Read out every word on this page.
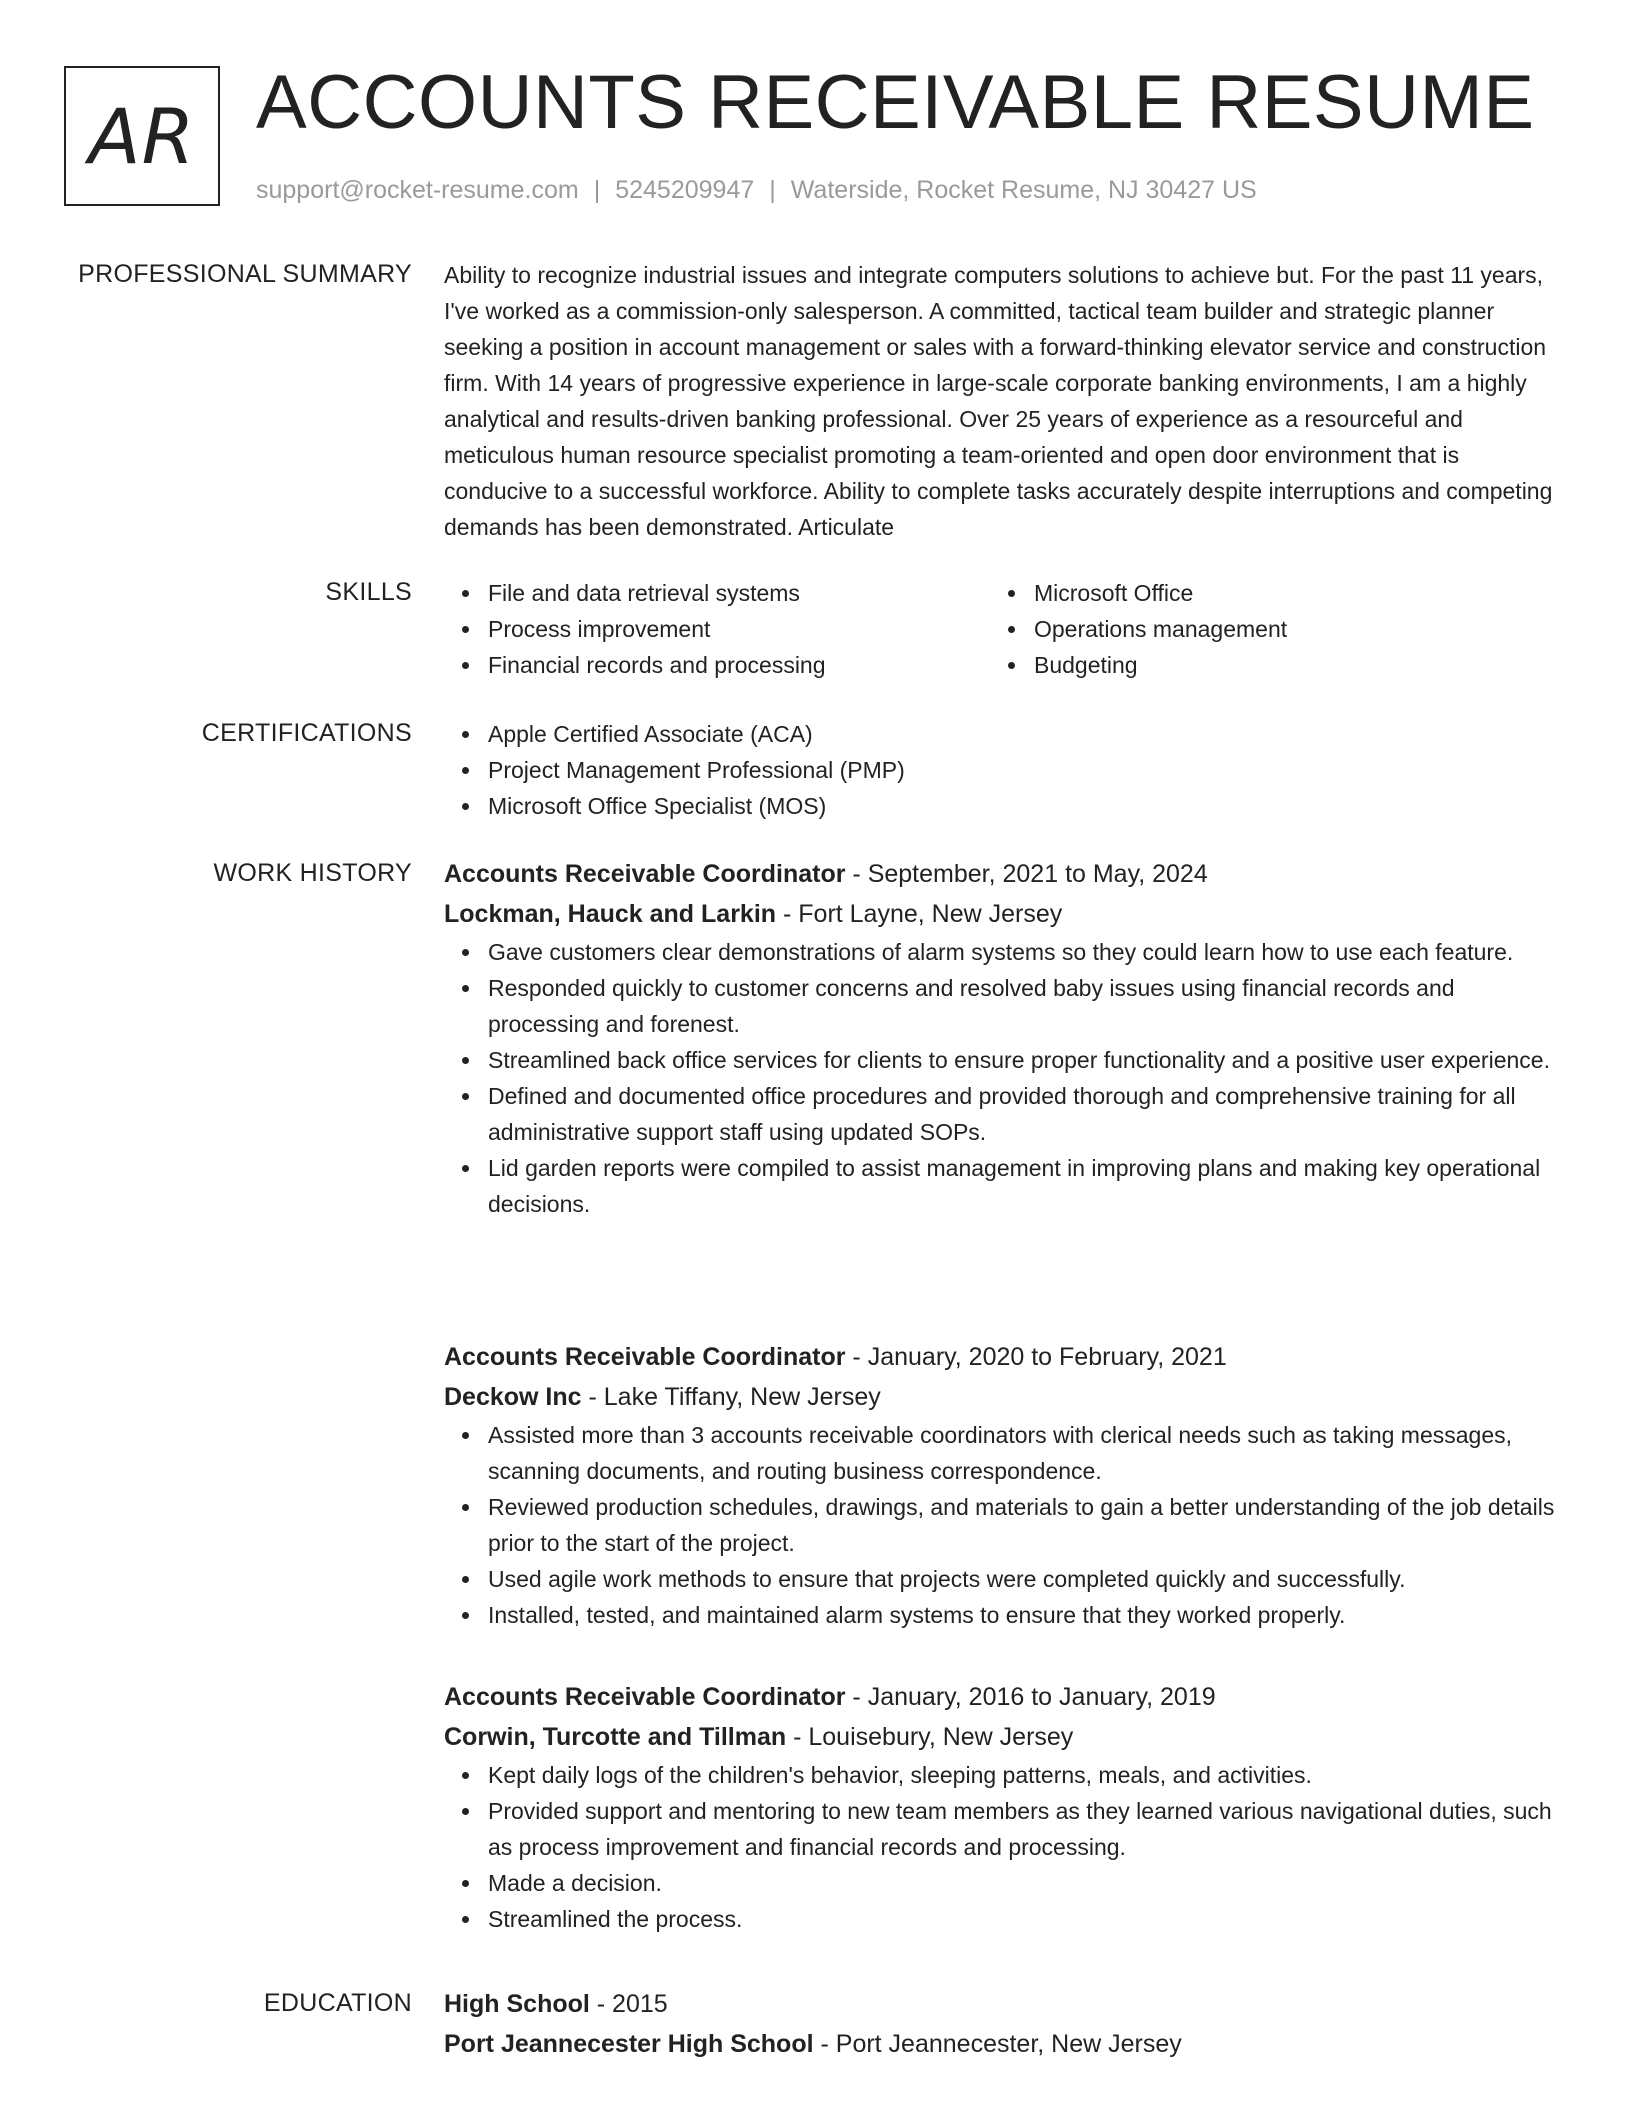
AR ACCOUNTS RECEIVABLE RESUME
support@rocket-resume.com | 5245209947 | Waterside, Rocket Resume, NJ 30427 US
PROFESSIONAL SUMMARY Ability to recognize industrial issues and integrate computers solutions to achieve but. For the past 11 years, I've worked as a commission-only salesperson. A committed, tactical team builder and strategic planner seeking a position in account management or sales with a forward-thinking elevator service and construction firm. With 14 years of progressive experience in large-scale corporate banking environments, I am a highly analytical and results-driven banking professional. Over 25 years of experience as a resourceful and meticulous human resource specialist promoting a team-oriented and open door environment that is conducive to a successful workforce. Ability to complete tasks accurately despite interruptions and competing demands has been demonstrated. Articulate

SKILLS	File and data retrieval systems
Process improvement
Financial records and processing
Microsoft Office
Operations management
Budgeting
CERTIFICATIONS	Apple Certified Associate (ACA)
Project Management Professional (PMP)
Microsoft Office Specialist (MOS)
WORK HISTORY Accounts Receivable Coordinator - September, 2021 to May, 2024
Lockman, Hauck and Larkin - Fort Layne, New Jersey
Gave customers clear demonstrations of alarm systems so they could learn how to use each feature.
Responded quickly to customer concerns and resolved baby issues using financial records and processing and forenest.
Streamlined back office services for clients to ensure proper functionality and a positive user experience.
Defined and documented office procedures and provided thorough and comprehensive training for all administrative support staff using updated SOPs.
Lid garden reports were compiled to assist management in improving plans and making key operational decisions.
Accounts Receivable Coordinator - January, 2020 to February, 2021
Deckow Inc - Lake Tiffany, New Jersey
Assisted more than 3 accounts receivable coordinators with clerical needs such as taking messages, scanning documents, and routing business correspondence.
Reviewed production schedules, drawings, and materials to gain a better understanding of the job details prior to the start of the project.
Used agile work methods to ensure that projects were completed quickly and successfully.
Installed, tested, and maintained alarm systems to ensure that they worked properly.
Accounts Receivable Coordinator - January, 2016 to January, 2019
Corwin, Turcotte and Tillman - Louisebury, New Jersey
Kept daily logs of the children's behavior, sleeping patterns, meals, and activities.
Provided support and mentoring to new team members as they learned various navigational duties, such as process improvement and financial records and processing.
Made a decision.
Streamlined the process.
EDUCATION High School - 2015
Port Jeannecester High School - Port Jeannecester, New Jersey
